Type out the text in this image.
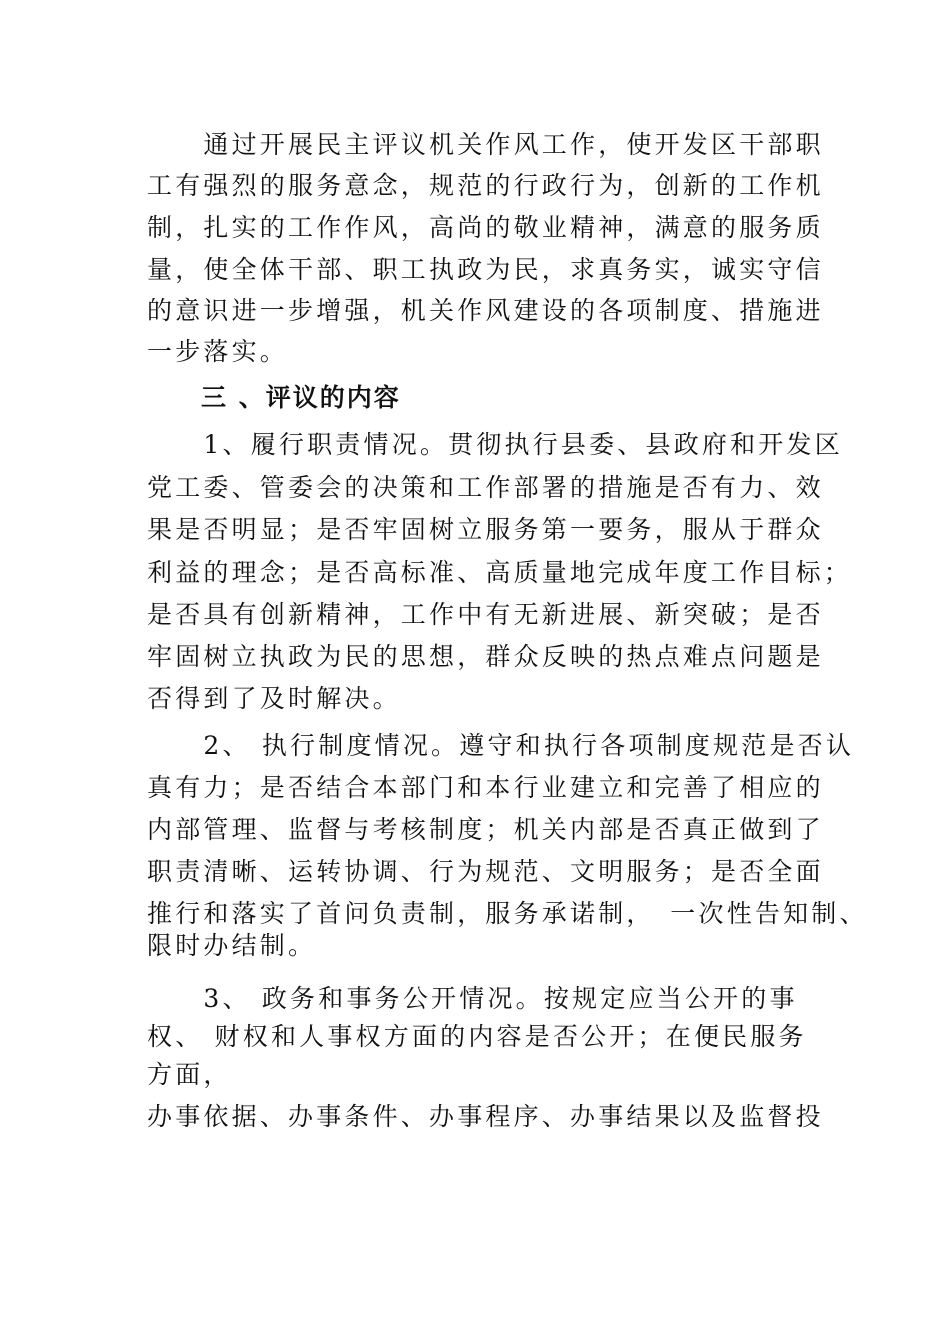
　　通过开展民主评议机关作风工作，使开发区干部职
工有强烈的服务意念，规范的行政行为，创新的工作机
制，扎实的工作作风，高尚的敬业精神，满意的服务质
量，使全体干部、职工执政为民，求真务实，诚实守信
的意识进一步增强，机关作风建设的各项制度、措施进
一步落实。
　　三 、评议的内容
　　1、履行职责情况。贯彻执行县委、县政府和开发区
党工委、管委会的决策和工作部署的措施是否有力、效
果是否明显；是否牢固树立服务第一要务，服从于群众
利益的理念；是否高标准、高质量地完成年度工作目标；
是否具有创新精神，工作中有无新进展、新突破；是否
牢固树立执政为民的思想，群众反映的热点难点问题是
否得到了及时解决。
　　2、 执行制度情况。遵守和执行各项制度规范是否认
真有力；是否结合本部门和本行业建立和完善了相应的
内部管理、监督与考核制度；机关内部是否真正做到了
职责清晰、运转协调、行为规范、文明服务；是否全面
推行和落实了首问负责制，服务承诺制，　一次性告知制、
限时办结制。
　　3、 政务和事务公开情况。按规定应当公开的事
权、 财权和人事权方面的内容是否公开；在便民服务
方面，
办事依据、办事条件、办事程序、办事结果以及监督投
